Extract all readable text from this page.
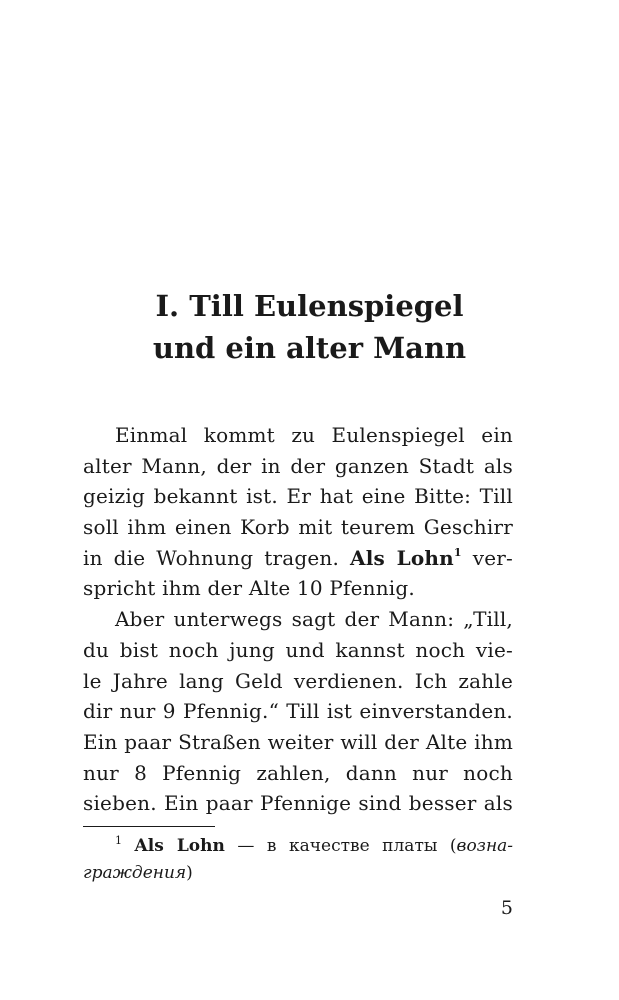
I. Till Eulenspiegel
und ein alter Mann
Einmal kommt zu Eulenspiegel ein
alter Mann, der in der ganzen Stadt als
geizig bekannt ist. Er hat eine Bitte: Till
soll ihm einen Korb mit teurem Geschirr
in die Wohnung tragen. Als Lohn$^1$ ver-
spricht ihm der Alte 10 Pfennig.
Aber unterwegs sagt der Mann: „Till,
du bist noch jung und kannst noch vie-
le Jahre lang Geld verdienen. Ich zahle
dir nur 9 Pfennig.“ Till ist einverstanden.
Ein paar Straßen weiter will der Alte ihm
nur 8 Pfennig zahlen, dann nur noch
sieben. Ein paar Pfennige sind besser als
$^1$ Als Lohn — в качестве платы (возна-
граждения)
5
